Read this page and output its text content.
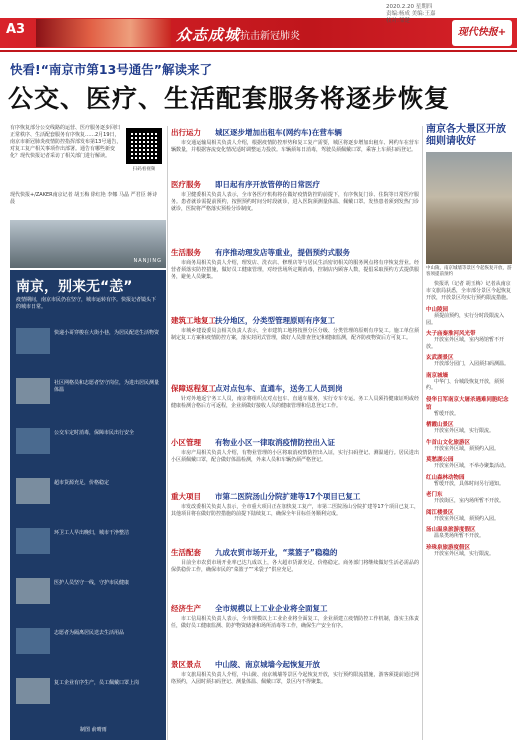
A3	众志成城 抗击新冠肺炎
2020.2.20 星期四
责编:杨成 美编:王嘉
校对:邹楚
现代快报+
快看!“南京市第13号通告”解读来了
公交、医疗、生活配套服务将逐步恢复
有序恢复部分公交线路的运营、医疗服务逐步回归正常秩序、生活配套服务有序恢复……2月19日，南京市新冠肺炎疫情防控指挥部发布第13号通告，对复工复产相关事项作出部署。通告有哪些新变化？现代快报记者采访了相关部门进行解读。
扫码看视频
现代快报+/ZAKER南京记者 胡玉梅 徐红艳 李娜 马晶 严君臣 蒋诗晨
NANJING
南京，别来无“恙”
疫情期间，南京市民仍在坚守，城市运转有序。快报记者镜头下的城市日常。
快递小哥穿梭在大街小巷，为居民配送生活物资
社区网格员和志愿者坚守岗位，为进出居民测量体温
公交车定时消毒，保障市民出行安全
超市货源充足，价格稳定
环卫工人早出晚归，城市干净整洁
医护人员坚守一线，守护市民健康
志愿者为隔离居民送去生活用品
复工企业有序生产，员工佩戴口罩上岗
制图 俞晴雨
出行运力	城区逐步增加出租车(网约车)在营车辆
市交通运输局相关负责人介绍，根据疫情防控形势和复工复产需要，城区将逐步增加出租车、网约车在营车辆数量，并根据客流变化情况适时调整运力投放。车辆须每日消毒，驾驶员须佩戴口罩，乘客上车须扫码登记。
医疗服务	即日起有序开放管停的日常医疗
市卫健委相关负责人表示，全市各医疗机构将在做好疫情防控的前提下，有序恢复门诊、住院等日常医疗服务。患者就诊需提前预约，按照预约时间分时段就诊，进入医院须测量体温、佩戴口罩。发热患者须到发热门诊就诊，医院将严格落实预检分诊制度。
生活服务	有序推动理发店等重业，提倡预约式服务
市商务局相关负责人介绍，理发店、洗衣店、修理店等与居民生活密切相关的服务网点将有序恢复营业。经营者须落实防控措施，做好员工健康管理，对经营场所定期消毒，控制店内顾客人数，提倡采取预约方式提供服务，避免人员聚集。
建筑工地复工 扶分地区，分类型管理原则有序复工
市城乡建设委员会相关负责人表示，全市建筑工地将按照分区分级、分类管理的原则有序复工。施工单位须制定复工方案和疫情防控方案，落实封闭式管理，做好人员排查登记和健康监测，配齐防疫物资后方可复工。
保障返程复工 点对点包车、直通车，送务工人员到岗
针对外地返宁务工人员，南京将组织点对点包车、直通车服务，实行专车专运。务工人员须持健康证明或经健康检测合格后方可返程，企业须做好接收人员的健康管理和信息登记工作。
小区管理	有物业小区一律取消疫情防控出入证
市房产局相关负责人介绍，有物业管理的小区将取消疫情防控出入证，实行扫码登记、测温通行。居民进出小区须佩戴口罩，配合做好体温检测，外来人员和车辆仍须严格登记。
重大项目	市第二医院汤山分院扩建等17个项目已复工
市发改委相关负责人表示，全市重大项目正在加快复工复产，市第二医院汤山分院扩建等17个项目已复工，其他项目将在做好防控措施的前提下陆续复工，确保全年目标任务顺利完成。
生活配套	九成农贸市场开业，“菜篮子”稳稳的
目前全市农贸市场开业率已达九成以上，各大超市货源充足、价格稳定。商务部门将继续做好生活必需品的保供稳价工作，确保市民的“菜篮子”“米袋子”供应充足。
经济生产	全市规模以上工业企业将全面复工
市工信局相关负责人表示，全市规模以上工业企业将全面复工，企业须建立疫情防控工作机制，落实主体责任，做好员工健康监测、防护物资储备和场所消毒等工作，确保生产安全有序。
景区景点	中山陵、南京城墙今起恢复开放
市文旅局相关负责人介绍，中山陵、南京城墙等景区今起恢复开放，实行预约限流措施，游客须提前通过网络预约，入园时须扫码登记、测量体温、佩戴口罩，景区内不得聚集。
南京各大景区开放细则请收好
中山陵、南京城墙等景区今起恢复开放，游客须提前预约
快报讯（记者 胡玉梅）记者从南京市文旅局获悉，全市部分景区今起恢复开放，开放景区均实行预约限流措施。
中山陵园
须提前预约，实行分时段限流入园。
夫子庙秦淮河风光带
开放室外区域，室内场馆暂不开放。
玄武湖景区
开放部分园门，入园须扫码测温。
南京城墙
中华门、台城段恢复开放，须预约。
侵华日军南京大屠杀遇难同胞纪念馆
暂缓开放。
栖霞山景区
开放室外区域，实行限流。
牛首山文化旅游区
开放室外区域，须预约入园。
莫愁湖公园
开放室外区域，不举办聚集活动。
红山森林动物园
暂缓开放，具体时间另行通知。
老门东
开放街区，室内场所暂不开放。
阅江楼景区
开放室外区域，须预约入园。
汤山温泉旅游度假区
温泉类场所暂不开放。
珍珠泉旅游度假区
开放室外区域，实行限流。
